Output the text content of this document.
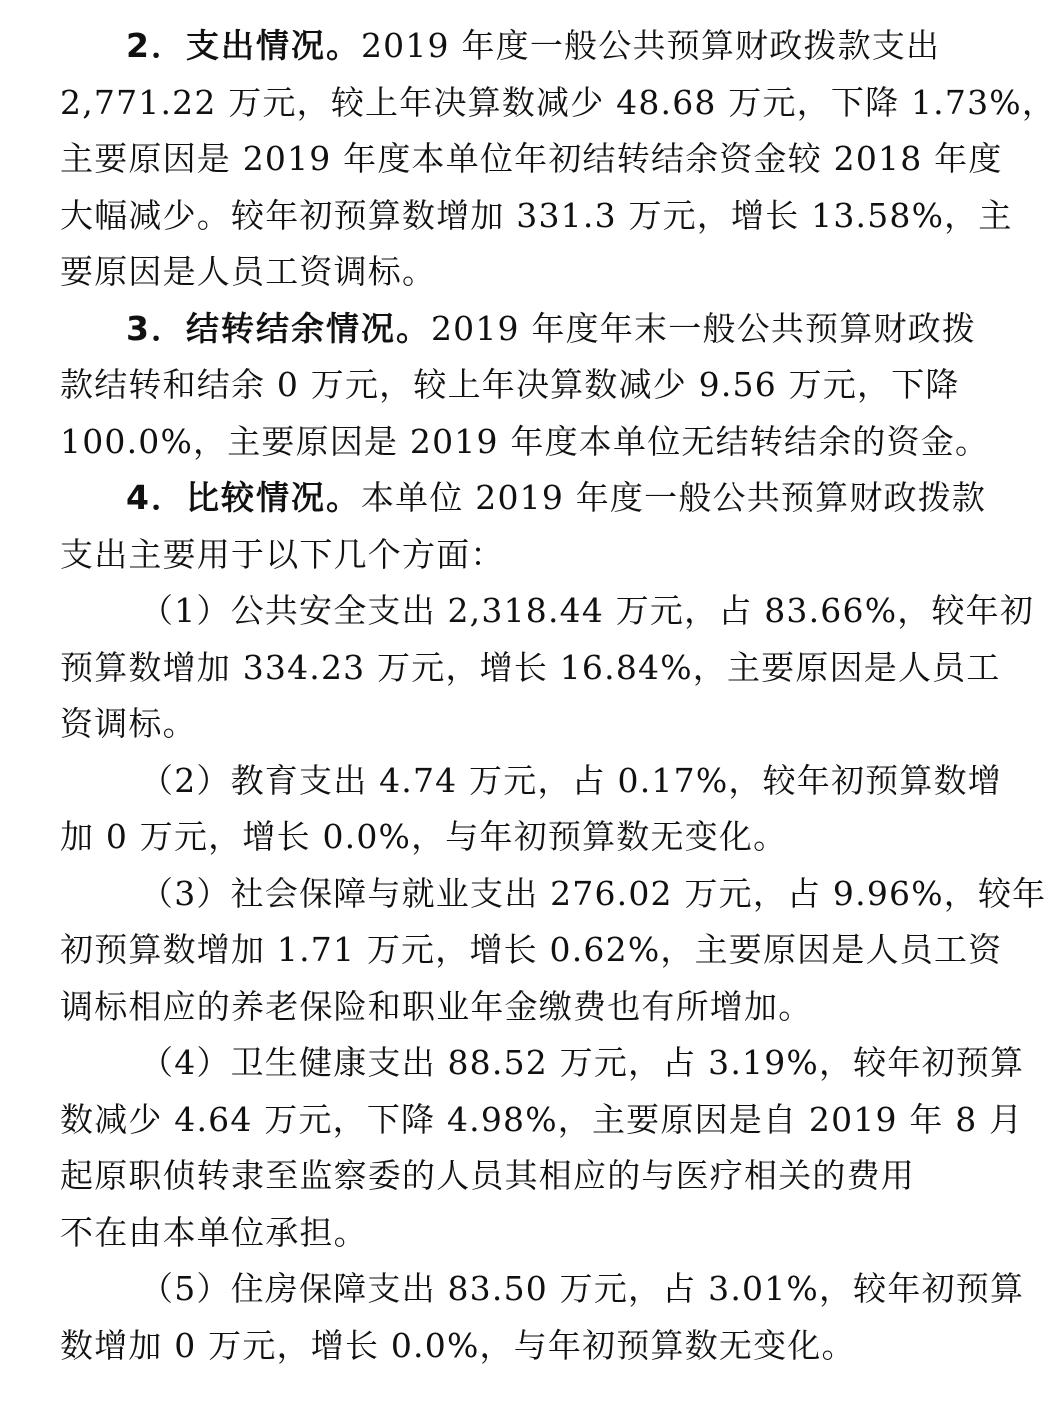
2．支出情况。2019 年度一般公共预算财政拨款支出
2,771.22 万元，较上年决算数减少 48.68 万元，下降 1.73%，
主要原因是 2019 年度本单位年初结转结余资金较 2018 年度
大幅减少。较年初预算数增加 331.3 万元，增长 13.58%，主
要原因是人员工资调标。
3．结转结余情况。2019 年度年末一般公共预算财政拨
款结转和结余 0 万元，较上年决算数减少 9.56 万元，下降
100.0%，主要原因是 2019 年度本单位无结转结余的资金。
4．比较情况。本单位 2019 年度一般公共预算财政拨款
支出主要用于以下几个方面：
（1）公共安全支出 2,318.44 万元，占 83.66%，较年初
预算数增加 334.23 万元，增长 16.84%，主要原因是人员工
资调标。
（2）教育支出 4.74 万元，占 0.17%，较年初预算数增
加 0 万元，增长 0.0%，与年初预算数无变化。
（3）社会保障与就业支出 276.02 万元，占 9.96%，较年
初预算数增加 1.71 万元，增长 0.62%，主要原因是人员工资
调标相应的养老保险和职业年金缴费也有所增加。
（4）卫生健康支出 88.52 万元，占 3.19%，较年初预算
数减少 4.64 万元，下降 4.98%，主要原因是自 2019 年 8 月
起原职侦转隶至监察委的人员其相应的与医疗相关的费用
不在由本单位承担。
（5）住房保障支出 83.50 万元，占 3.01%，较年初预算
数增加 0 万元，增长 0.0%，与年初预算数无变化。
